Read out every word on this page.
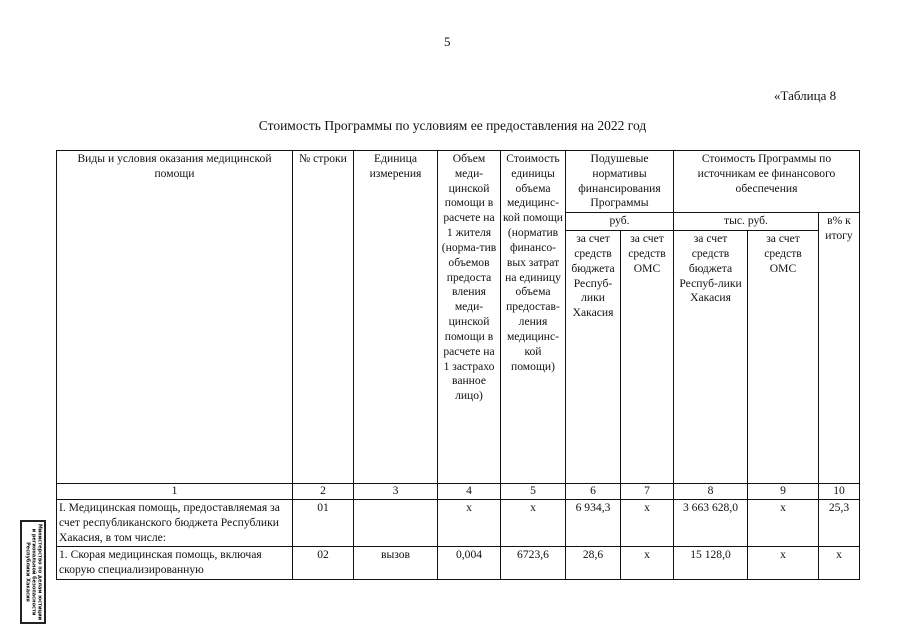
5
«Таблица 8
Стоимость Программы по условиям ее предоставления на 2022 год
Виды и условия оказания медицинской помощи	№ строки	Единица измерения	Объем меди-цинской помощи в расчете на 1 жителя (норма-тив объемов предоста вления меди-цинской помощи в расчете на 1 застрахо ванное лицо)	Стоимость единицы объема медицинс-кой помощи (норматив финансо-вых затрат на единицу объема предостав-ления медицинс-кой помощи)	Подушевые нормативы финансирования Программы		Стоимость Программы по источникам ее финансового обеспечения		
					руб.		тыс. руб.		в% к итогу
					за счет средств бюджета Респуб-лики Хакасия	за счет средств ОМС	за счет средств бюджета Респуб-лики Хакасия	за счет средств ОМС	
1	2	3	4	5	6	7	8	9	10
I. Медицинская помощь, предоставляемая за счет республиканского бюджета Республики Хакасия, в том числе:	01		х	х	6 934,3	х	3 663 628,0	х	25,3
1. Скорая медицинская помощь, включая скорую специализированную	02	вызов	0,004	6723,6	28,6	х	15 128,0	х	х
Министерство по делам юстиции и региональной безопасности Республики Хакасия
